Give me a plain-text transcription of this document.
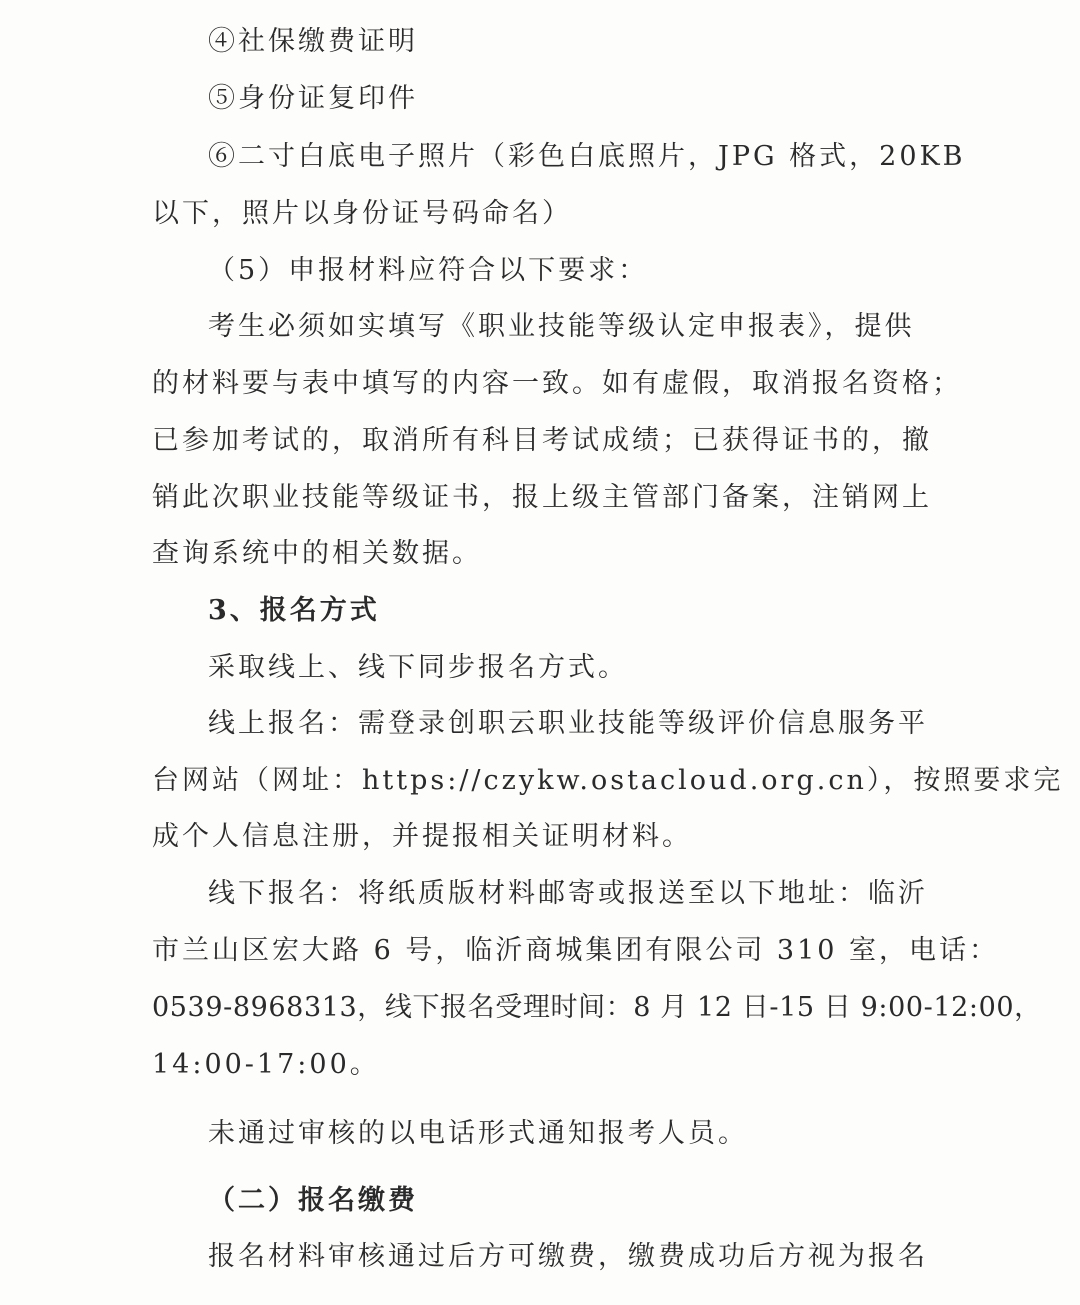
④社保缴费证明
⑤身份证复印件
⑥二寸白底电子照片（彩色白底照片，JPG 格式，20KB
以下，照片以身份证号码命名）
（5）申报材料应符合以下要求：
考生必须如实填写《职业技能等级认定申报表》，提供
的材料要与表中填写的内容一致。如有虚假，取消报名资格；
已参加考试的，取消所有科目考试成绩；已获得证书的，撤
销此次职业技能等级证书，报上级主管部门备案，注销网上
查询系统中的相关数据。
3、报名方式
采取线上、线下同步报名方式。
线上报名：需登录创职云职业技能等级评价信息服务平
台网站（网址：https://czykw.ostacloud.org.cn），按照要求完
成个人信息注册，并提报相关证明材料。
线下报名：将纸质版材料邮寄或报送至以下地址：临沂
市兰山区宏大路 6 号，临沂商城集团有限公司 310 室，电话：
0539-8968313，线下报名受理时间：8 月 12 日-15 日 9:00-12:00，
14:00-17:00。
未通过审核的以电话形式通知报考人员。
（二）报名缴费
报名材料审核通过后方可缴费，缴费成功后方视为报名
